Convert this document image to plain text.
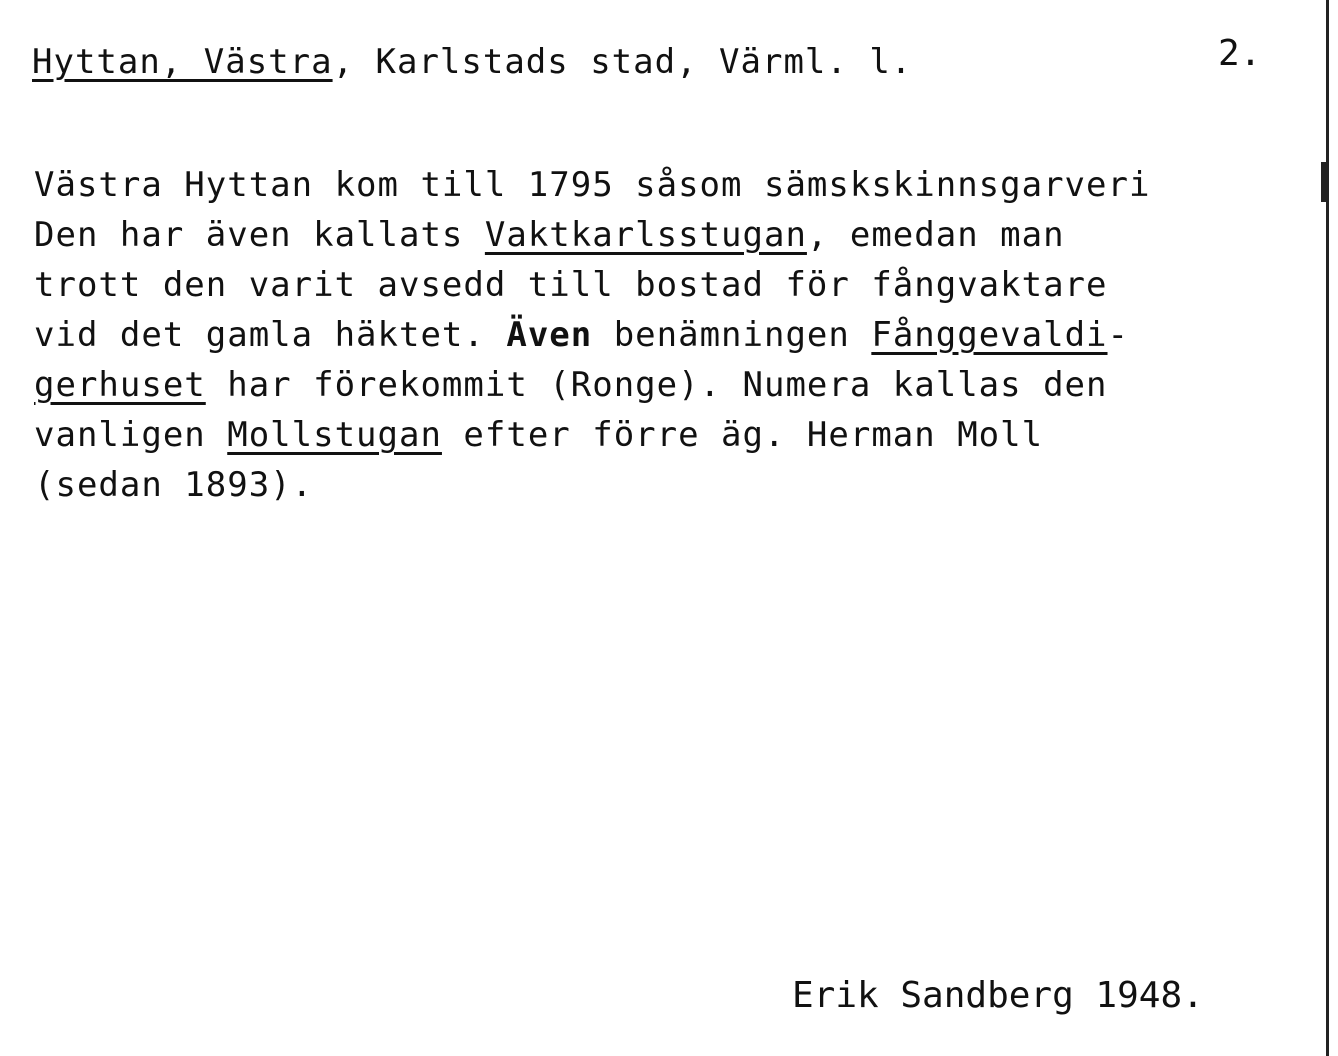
Hyttan, Västra, Karlstads stad, Värml. l.	2.
Västra Hyttan kom till 1795 såsom sämskskinnsgarveri
Den har även kallats Vaktkarlsstugan, emedan man
trott den varit avsedd till bostad för fångvaktare
vid det gamla häktet. Även benämningen Fånggevaldi-
gerhuset har förekommit (Ronge). Numera kallas den
vanligen Mollstugan efter förre äg. Herman Moll
(sedan 1893).
Erik Sandberg 1948.
